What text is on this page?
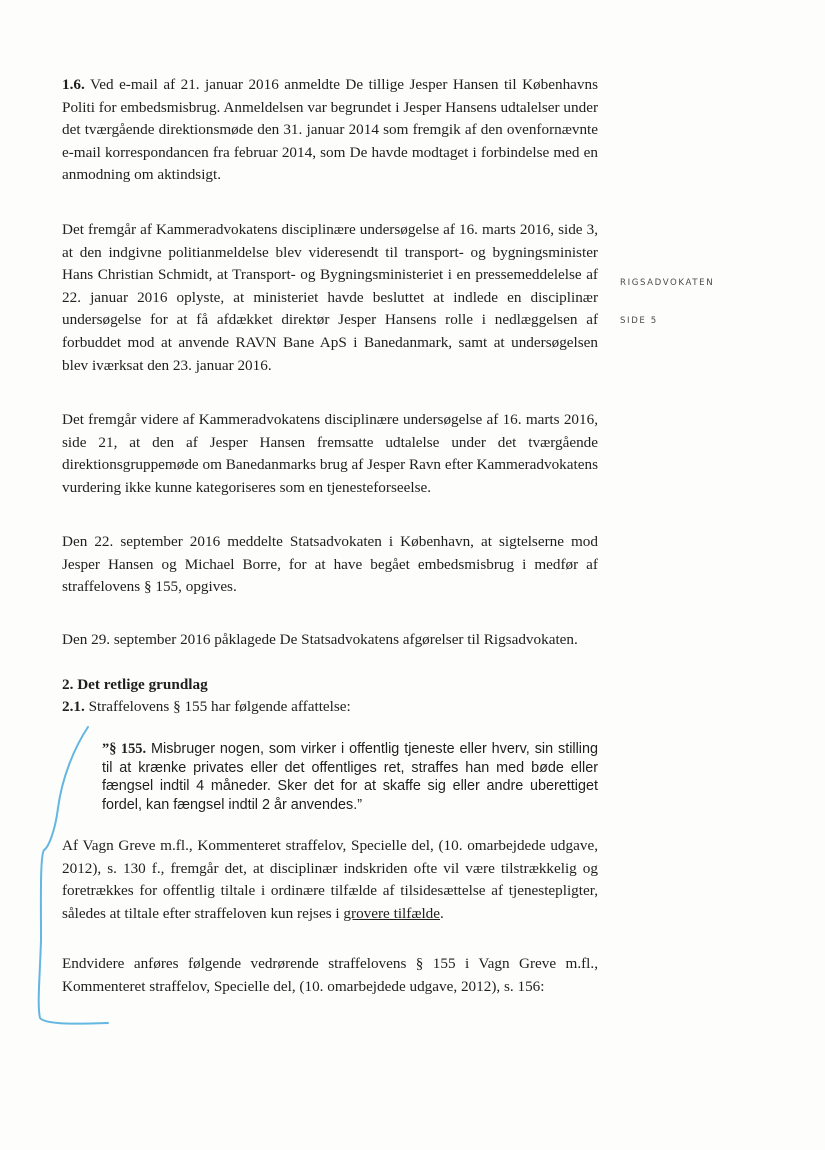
1.6. Ved e-mail af 21. januar 2016 anmeldte De tillige Jesper Hansen til Københavns Politi for embedsmisbrug. Anmeldelsen var begrundet i Jesper Hansens udtalelser under det tværgående direktionsmøde den 31. januar 2014 som fremgik af den ovenfornævnte e-mail korrespondancen fra februar 2014, som De havde modtaget i forbindelse med en anmodning om aktindsigt.

Det fremgår af Kammeradvokatens disciplinære undersøgelse af 16. marts 2016, side 3, at den indgivne politianmeldelse blev videresendt til transport- og bygningsminister Hans Christian Schmidt, at Transport- og Bygningsministeriet i en pressemeddelelse af 22. januar 2016 oplyste, at ministeriet havde besluttet at indlede en disciplinær undersøgelse for at få afdækket direktør Jesper Hansens rolle i nedlæggelsen af forbuddet mod at anvende RAVN Bane ApS i Banedanmark, samt at undersøgelsen blev iværksat den 23. januar 2016.

RIGSADVOKATEN
SIDE 5

Det fremgår videre af Kammeradvokatens disciplinære undersøgelse af 16. marts 2016, side 21, at den af Jesper Hansen fremsatte udtalelse under det tværgående direktionsgruppemøde om Banedanmarks brug af Jesper Ravn efter Kammeradvokatens vurdering ikke kunne kategoriseres som en tjenesteforseelse.

Den 22. september 2016 meddelte Statsadvokaten i København, at sigtelserne mod Jesper Hansen og Michael Borre, for at have begået embedsmisbrug i medfør af straffelovens § 155, opgives.

Den 29. september 2016 påklagede De Statsadvokatens afgørelser til Rigsadvokaten.

2. Det retlige grundlag
2.1. Straffelovens § 155 har følgende affattelse:

”§ 155. Misbruger nogen, som virker i offentlig tjeneste eller hverv, sin stilling til at krænke privates eller det offentliges ret, straffes han med bøde eller fængsel indtil 4 måneder. Sker det for at skaffe sig eller andre uberettiget fordel, kan fængsel indtil 2 år anvendes.”

Af Vagn Greve m.fl., Kommenteret straffelov, Specielle del, (10. omarbejdede udgave, 2012), s. 130 f., fremgår det, at disciplinær indskriden ofte vil være tilstrækkelig og foretrækkes for offentlig tiltale i ordinære tilfælde af tilsidesættelse af tjenestepligter, således at tiltale efter straffeloven kun rejses i grovere tilfælde.

Endvidere anføres følgende vedrørende straffelovens § 155 i Vagn Greve m.fl., Kommenteret straffelov, Specielle del, (10. omarbejdede udgave, 2012), s. 156:
